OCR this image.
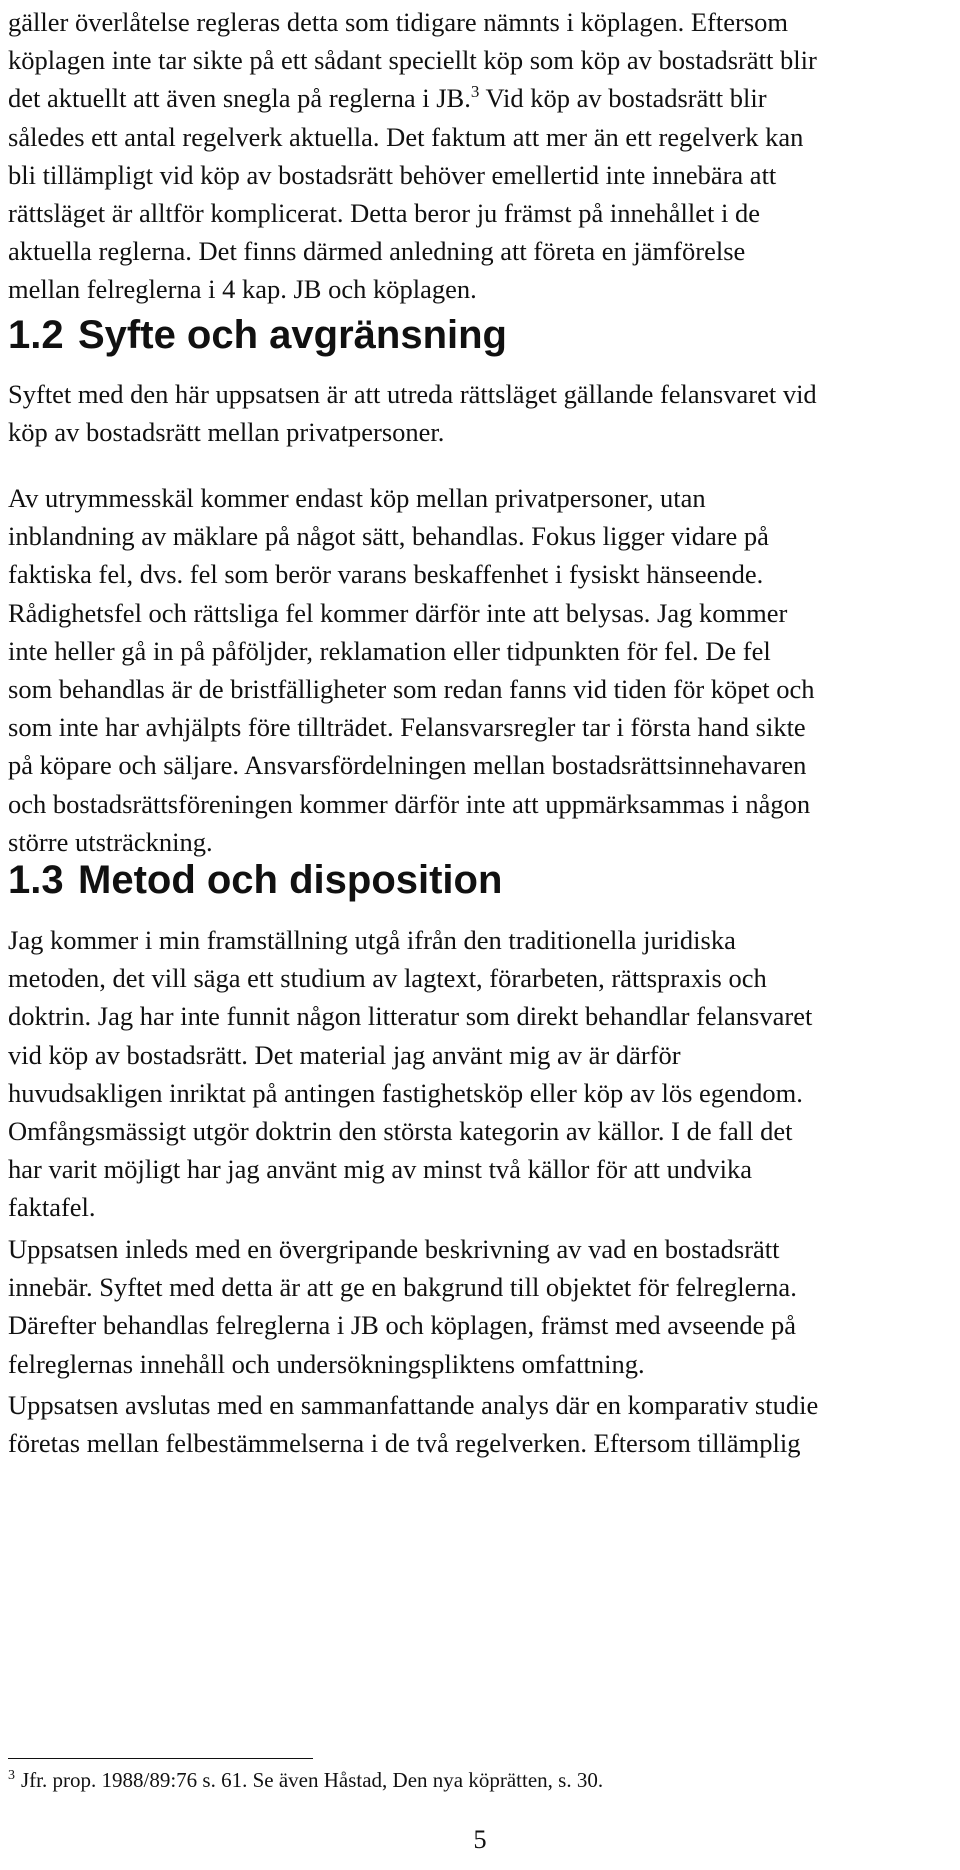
gäller överlåtelse regleras detta som tidigare nämnts i köplagen. Eftersom
köplagen inte tar sikte på ett sådant speciellt köp som köp av bostadsrätt blir
det aktuellt att även snegla på reglerna i JB.$^3$ Vid köp av bostadsrätt blir
således ett antal regelverk aktuella. Det faktum att mer än ett regelverk kan
bli tillämpligt vid köp av bostadsrätt behöver emellertid inte innebära att
rättsläget är alltför komplicerat. Detta beror ju främst på innehållet i de
aktuella reglerna. Det finns därmed anledning att företa en jämförelse
mellan felreglerna i 4 kap. JB och köplagen.

1.2 Syfte och avgränsning

Syftet med den här uppsatsen är att utreda rättsläget gällande felansvaret vid
köp av bostadsrätt mellan privatpersoner.

Av utrymmesskäl kommer endast köp mellan privatpersoner, utan
inblandning av mäklare på något sätt, behandlas. Fokus ligger vidare på
faktiska fel, dvs. fel som berör varans beskaffenhet i fysiskt hänseende.
Rådighetsfel och rättsliga fel kommer därför inte att belysas. Jag kommer
inte heller gå in på påföljder, reklamation eller tidpunkten för fel. De fel
som behandlas är de bristfälligheter som redan fanns vid tiden för köpet och
som inte har avhjälpts före tillträdet. Felansvarsregler tar i första hand sikte
på köpare och säljare. Ansvarsfördelningen mellan bostadsrättsinnehavaren
och bostadsrättsföreningen kommer därför inte att uppmärksammas i någon
större utsträckning.

1.3 Metod och disposition

Jag kommer i min framställning utgå ifrån den traditionella juridiska
metoden, det vill säga ett studium av lagtext, förarbeten, rättspraxis och
doktrin. Jag har inte funnit någon litteratur som direkt behandlar felansvaret
vid köp av bostadsrätt. Det material jag använt mig av är därför
huvudsakligen inriktat på antingen fastighetsköp eller köp av lös egendom.
Omfångsmässigt utgör doktrin den största kategorin av källor. I de fall det
har varit möjligt har jag använt mig av minst två källor för att undvika
faktafel.

Uppsatsen inleds med en övergripande beskrivning av vad en bostadsrätt
innebär. Syftet med detta är att ge en bakgrund till objektet för felreglerna.
Därefter behandlas felreglerna i JB och köplagen, främst med avseende på
felreglernas innehåll och undersökningspliktens omfattning.

Uppsatsen avslutas med en sammanfattande analys där en komparativ studie
företas mellan felbestämmelserna i de två regelverken. Eftersom tillämplig

$^3$ Jfr. prop. 1988/89:76 s. 61. Se även Håstad, Den nya köprätten, s. 30.

5
